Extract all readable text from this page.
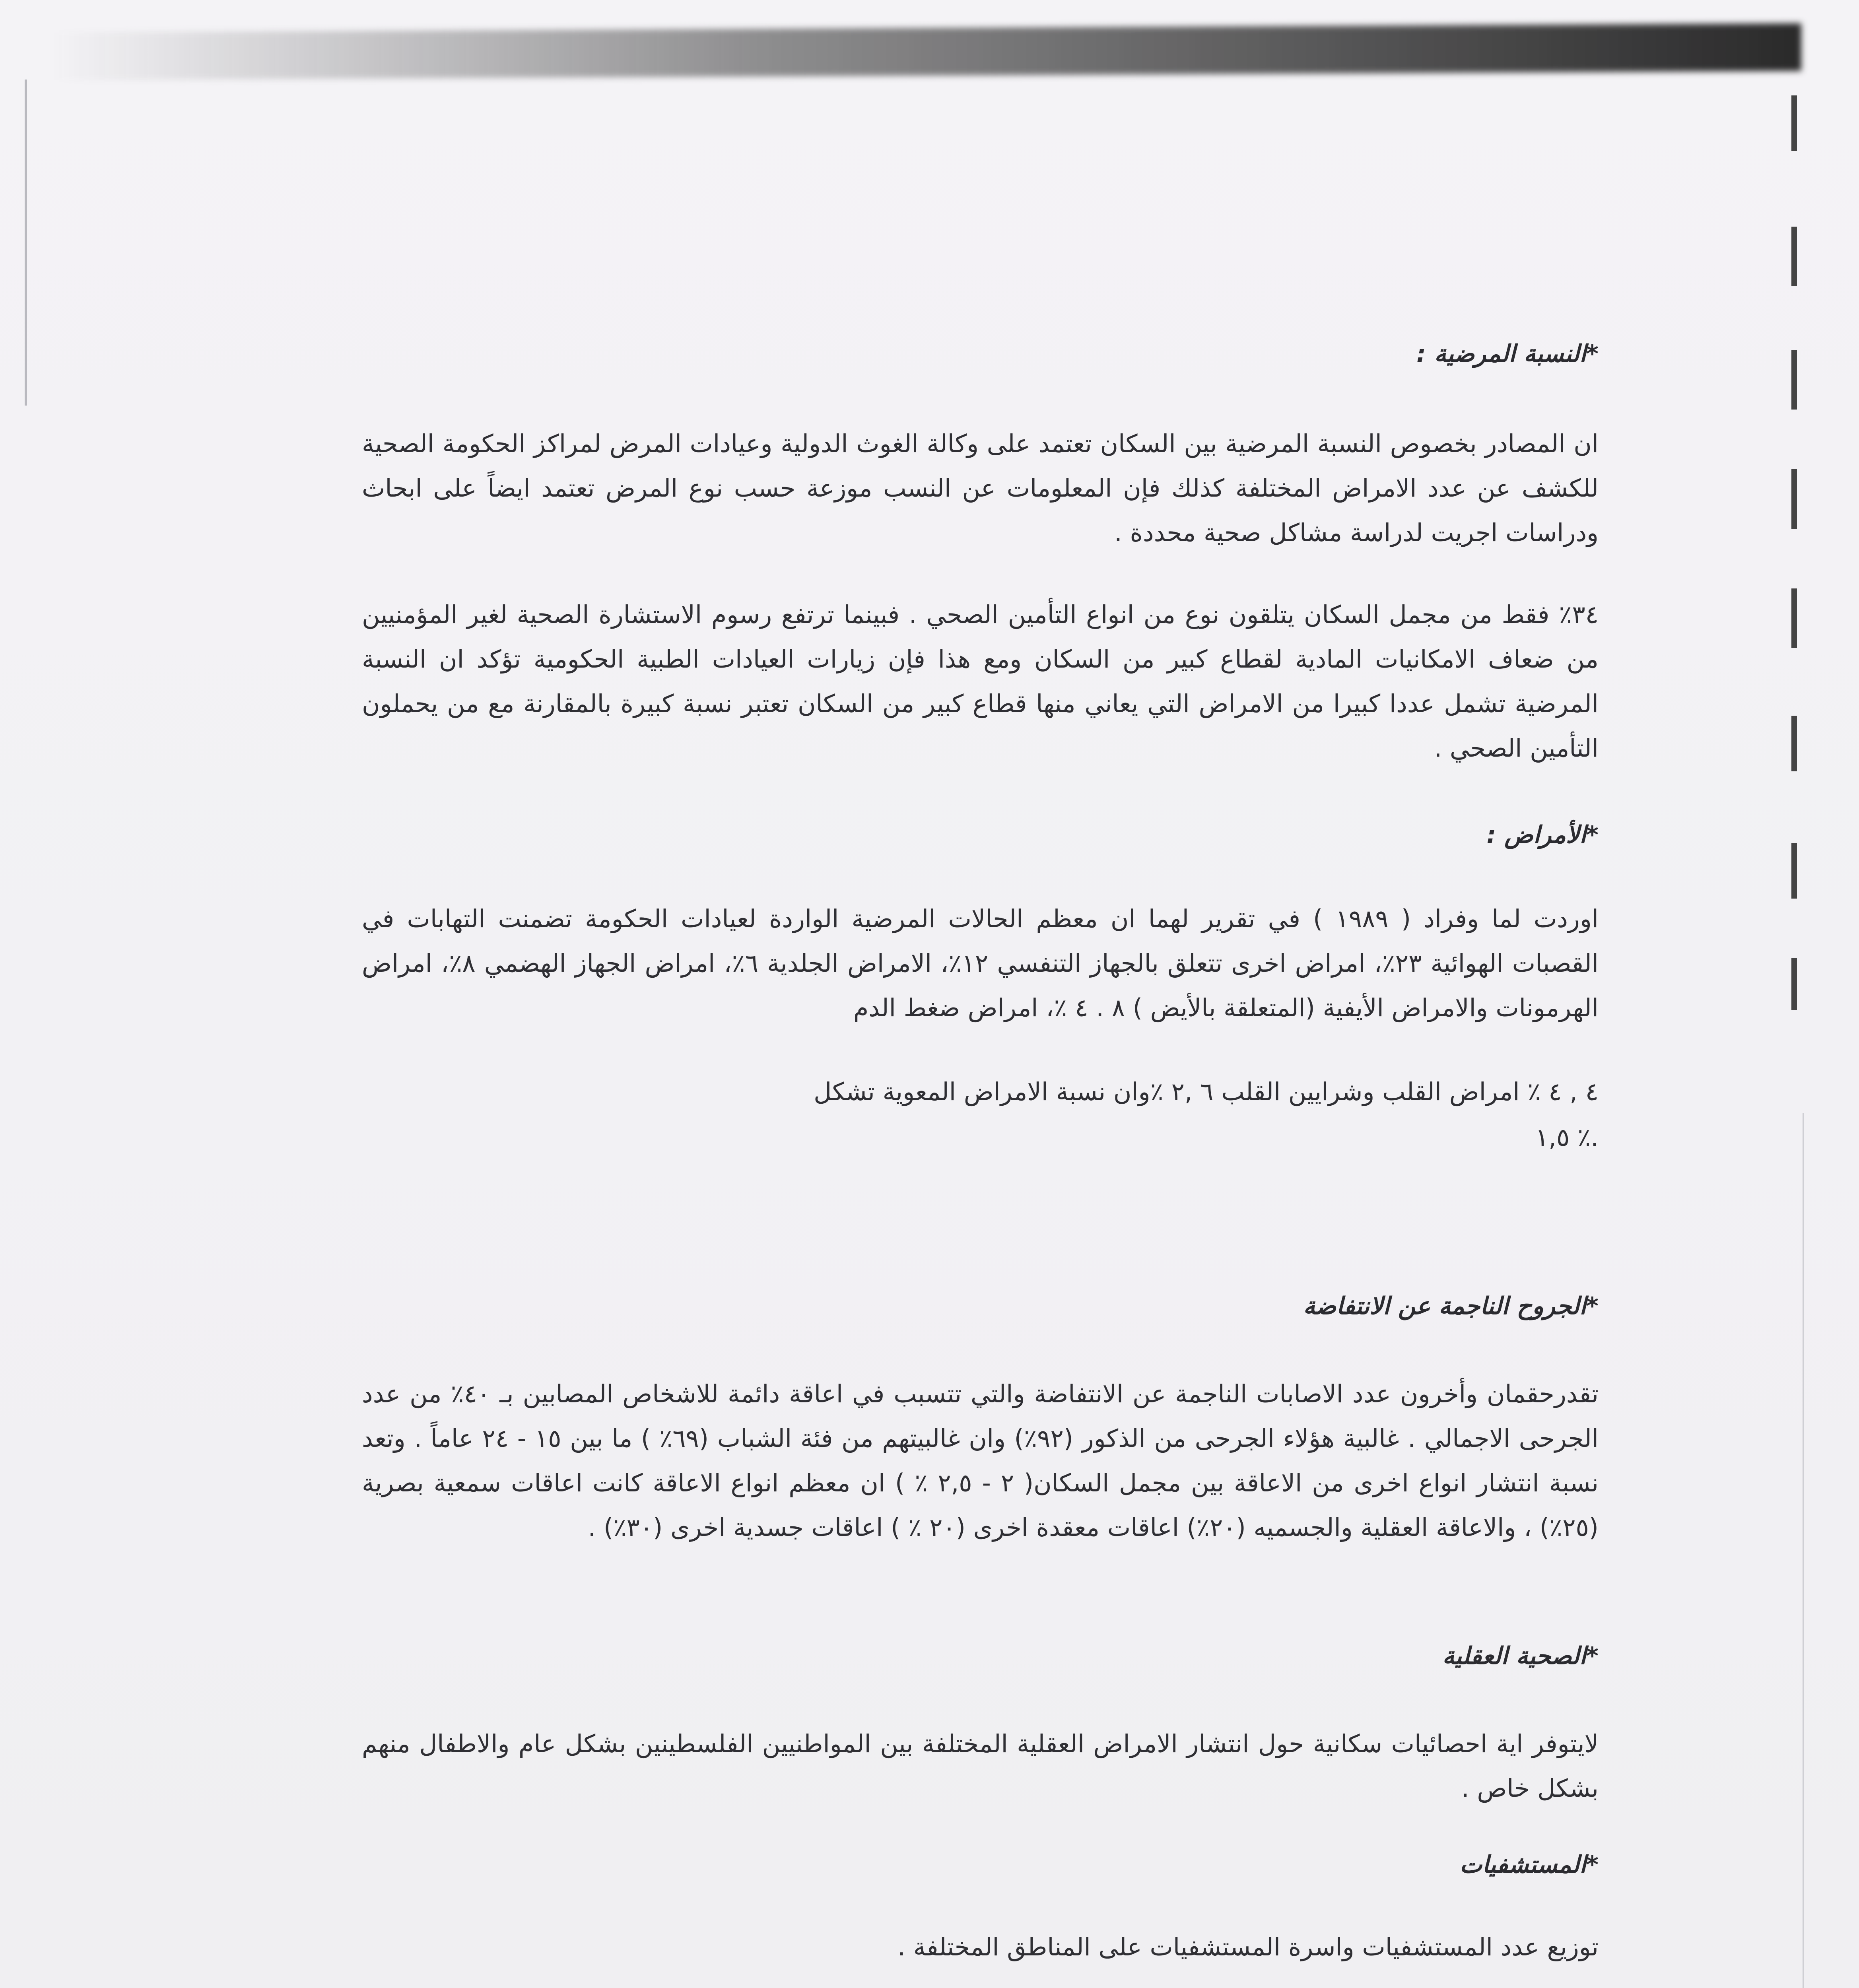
*النسبة المرضية :
ان المصادر بخصوص النسبة المرضية بين السكان تعتمد على وكالة الغوث الدولية وعيادات المرض لمراكز الحكومة الصحية للكشف عن عدد الامراض المختلفة كذلك فإن المعلومات عن النسب موزعة حسب نوع المرض تعتمد ايضاً على ابحاث ودراسات اجريت لدراسة مشاكل صحية محددة .
٣٤٪ فقط من مجمل السكان يتلقون نوع من انواع التأمين الصحي . فبينما ترتفع رسوم الاستشارة الصحية لغير المؤمنيين من ضعاف الامكانيات المادية لقطاع كبير من السكان ومع هذا فإن زيارات العيادات الطبية الحكومية تؤكد ان النسبة المرضية تشمل عددا كبيرا من الامراض التي يعاني منها قطاع كبير من السكان تعتبر نسبة كبيرة بالمقارنة مع من يحملون التأمين الصحي .
*الأمراض :
اوردت لما وفراد ( ١٩٨٩ ) في تقرير لهما ان معظم الحالات المرضية الواردة لعيادات الحكومة تضمنت التهابات في القصبات الهوائية ٢٣٪، امراض اخرى تتعلق بالجهاز التنفسي ١٢٪، الامراض الجلدية ٦٪، امراض الجهاز الهضمي ٨٪، امراض الهرمونات والامراض الأيفية (المتعلقة بالأيض ) ٨ . ٤ ٪، امراض ضغط الدم
٤ , ٤ ٪ امراض القلب وشرايين القلب ٦ ,٢ ٪وان نسبة الامراض المعوية تشكل
١,٥ ٪.
*الجروح الناجمة عن الانتفاضة
تقدرحقمان وأخرون عدد الاصابات الناجمة عن الانتفاضة والتي تتسبب في اعاقة دائمة للاشخاص المصابين بـ ٤٠٪ من عدد الجرحى الاجمالي . غالبية هؤلاء الجرحى من الذكور (٩٢٪) وان غالبيتهم من فئة الشباب (٦٩٪ ) ما بين ١٥ - ٢٤ عاماً . وتعد نسبة انتشار انواع اخرى من الاعاقة بين مجمل السكان( ٢ - ٢,٥ ٪ ) ان معظم انواع الاعاقة كانت اعاقات سمعية بصرية (٢٥٪) ، والاعاقة العقلية والجسميه (٢٠٪) اعاقات معقدة اخرى (٢٠ ٪ ) اعاقات جسدية اخرى (٣٠٪) .
*الصحية العقلية
لايتوفر اية احصائيات سكانية حول انتشار الامراض العقلية المختلفة بين المواطنيين الفلسطينين بشكل عام والاطفال منهم بشكل خاص .
*المستشفيات
توزيع عدد المستشفيات واسرة المستشفيات على المناطق المختلفة .
